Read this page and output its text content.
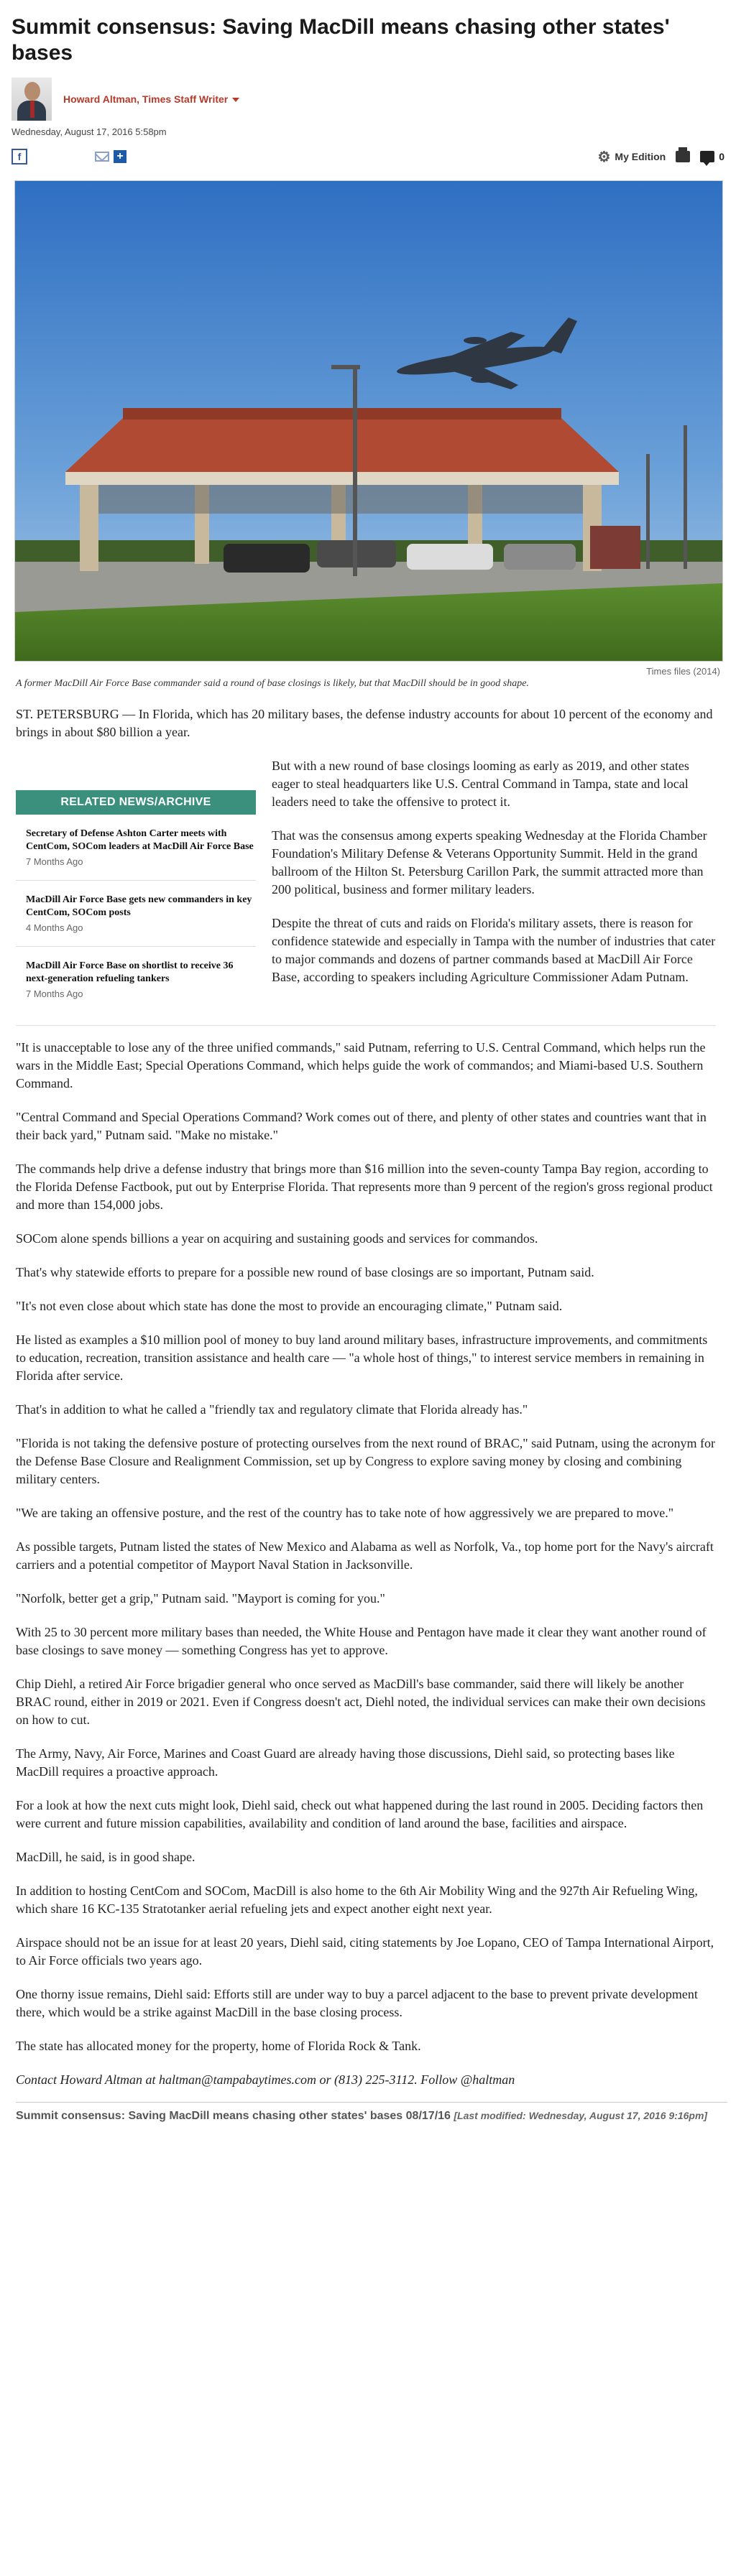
Summit consensus: Saving MacDill means chasing other states' bases
Howard Altman, Times Staff Writer
Wednesday, August 17, 2016 5:58pm
f	+	⚙ My Edition	0
Times files (2014)
A former MacDill Air Force Base commander said a round of base closings is likely, but that MacDill should be in good shape.

ST. PETERSBURG — In Florida, which has 20 military bases, the defense industry accounts for about 10 percent of the economy and brings in about $80 billion a year.

RELATED NEWS/ARCHIVE
Secretary of Defense Ashton Carter meets with CentCom, SOCom leaders at MacDill Air Force Base
7 Months Ago
MacDill Air Force Base gets new commanders in key CentCom, SOCom posts
4 Months Ago
MacDill Air Force Base on shortlist to receive 36 next-generation refueling tankers
7 Months Ago

But with a new round of base closings looming as early as 2019, and other states eager to steal headquarters like U.S. Central Command in Tampa, state and local leaders need to take the offensive to protect it.

That was the consensus among experts speaking Wednesday at the Florida Chamber Foundation's Military Defense & Veterans Opportunity Summit. Held in the grand ballroom of the Hilton St. Petersburg Carillon Park, the summit attracted more than 200 political, business and former military leaders.

Despite the threat of cuts and raids on Florida's military assets, there is reason for confidence statewide and especially in Tampa with the number of industries that cater to major commands and dozens of partner commands based at MacDill Air Force Base, according to speakers including Agriculture Commissioner Adam Putnam.

"It is unacceptable to lose any of the three unified commands," said Putnam, referring to U.S. Central Command, which helps run the wars in the Middle East; Special Operations Command, which helps guide the work of commandos; and Miami-based U.S. Southern Command.

"Central Command and Special Operations Command? Work comes out of there, and plenty of other states and countries want that in their back yard," Putnam said. "Make no mistake."

The commands help drive a defense industry that brings more than $16 million into the seven-county Tampa Bay region, according to the Florida Defense Factbook, put out by Enterprise Florida. That represents more than 9 percent of the region's gross regional product and more than 154,000 jobs.

SOCom alone spends billions a year on acquiring and sustaining goods and services for commandos.

That's why statewide efforts to prepare for a possible new round of base closings are so important, Putnam said.

"It's not even close about which state has done the most to provide an encouraging climate," Putnam said.

He listed as examples a $10 million pool of money to buy land around military bases, infrastructure improvements, and commitments to education, recreation, transition assistance and health care — "a whole host of things," to interest service members in remaining in Florida after service.

That's in addition to what he called a "friendly tax and regulatory climate that Florida already has."

"Florida is not taking the defensive posture of protecting ourselves from the next round of BRAC," said Putnam, using the acronym for the Defense Base Closure and Realignment Commission, set up by Congress to explore saving money by closing and combining military centers.

"We are taking an offensive posture, and the rest of the country has to take note of how aggressively we are prepared to move."

As possible targets, Putnam listed the states of New Mexico and Alabama as well as Norfolk, Va., top home port for the Navy's aircraft carriers and a potential competitor of Mayport Naval Station in Jacksonville.

"Norfolk, better get a grip," Putnam said. "Mayport is coming for you."

With 25 to 30 percent more military bases than needed, the White House and Pentagon have made it clear they want another round of base closings to save money — something Congress has yet to approve.

Chip Diehl, a retired Air Force brigadier general who once served as MacDill's base commander, said there will likely be another BRAC round, either in 2019 or 2021. Even if Congress doesn't act, Diehl noted, the individual services can make their own decisions on how to cut.

The Army, Navy, Air Force, Marines and Coast Guard are already having those discussions, Diehl said, so protecting bases like MacDill requires a proactive approach.

For a look at how the next cuts might look, Diehl said, check out what happened during the last round in 2005. Deciding factors then were current and future mission capabilities, availability and condition of land around the base, facilities and airspace.

MacDill, he said, is in good shape.

In addition to hosting CentCom and SOCom, MacDill is also home to the 6th Air Mobility Wing and the 927th Air Refueling Wing, which share 16 KC-135 Stratotanker aerial refueling jets and expect another eight next year.

Airspace should not be an issue for at least 20 years, Diehl said, citing statements by Joe Lopano, CEO of Tampa International Airport, to Air Force officials two years ago.

One thorny issue remains, Diehl said: Efforts still are under way to buy a parcel adjacent to the base to prevent private development there, which would be a strike against MacDill in the base closing process.

The state has allocated money for the property, home of Florida Rock & Tank.

Contact Howard Altman at haltman@tampabaytimes.com or (813) 225-3112. Follow @haltman

Summit consensus: Saving MacDill means chasing other states' bases 08/17/16 [Last modified: Wednesday, August 17, 2016 9:16pm]
